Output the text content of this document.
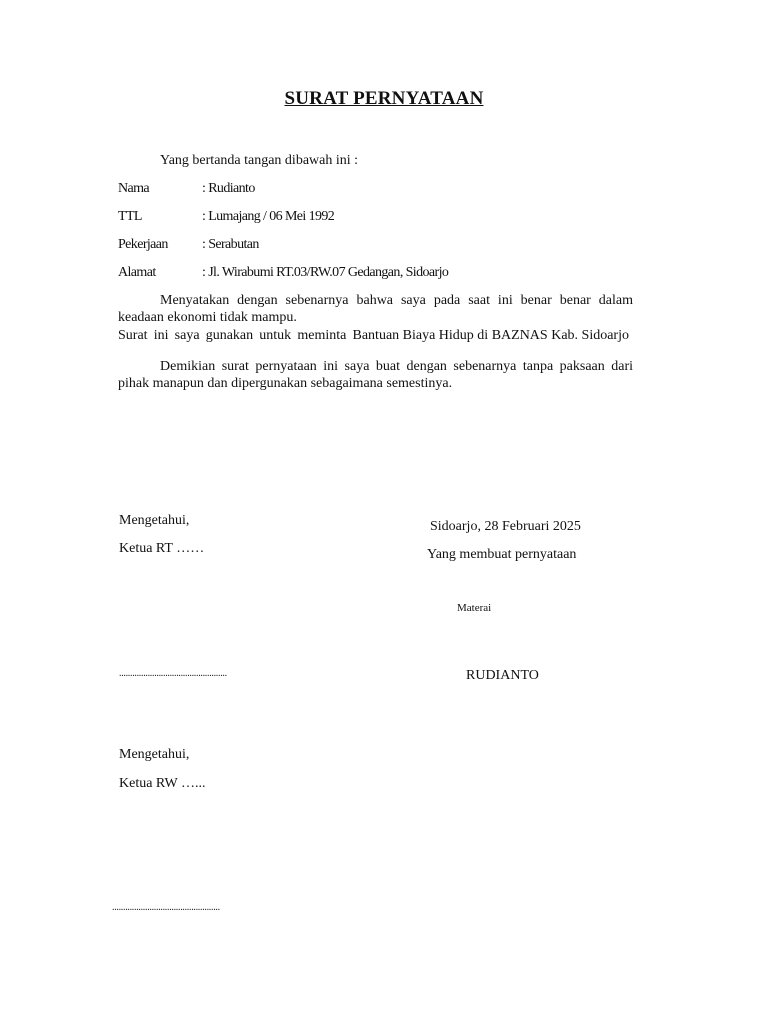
SURAT PERNYATAAN
Yang bertanda tangan dibawah ini :
Nama	: Rudianto
TTL	: Lumajang / 06 Mei 1992
Pekerjaan : Serabutan
Alamat	: Jl. Wirabumi RT.03/RW.07 Gedangan, Sidoarjo
Menyatakan dengan sebenarnya bahwa saya pada saat ini benar benar dalam keadaan ekonomi tidak mampu.
Surat ini saya gunakan untuk meminta Bantuan Biaya Hidup di BAZNAS Kab. Sidoarjo
Demikian surat pernyataan ini saya buat dengan sebenarnya tanpa paksaan dari pihak manapun dan dipergunakan sebagaimana semestinya.
Mengetahui,
Ketua RT ……
.................................................
Sidoarjo, 28 Februari 2025
Yang membuat pernyataan
Materai
RUDIANTO
Mengetahui,
Ketua RW …...
.................................................
